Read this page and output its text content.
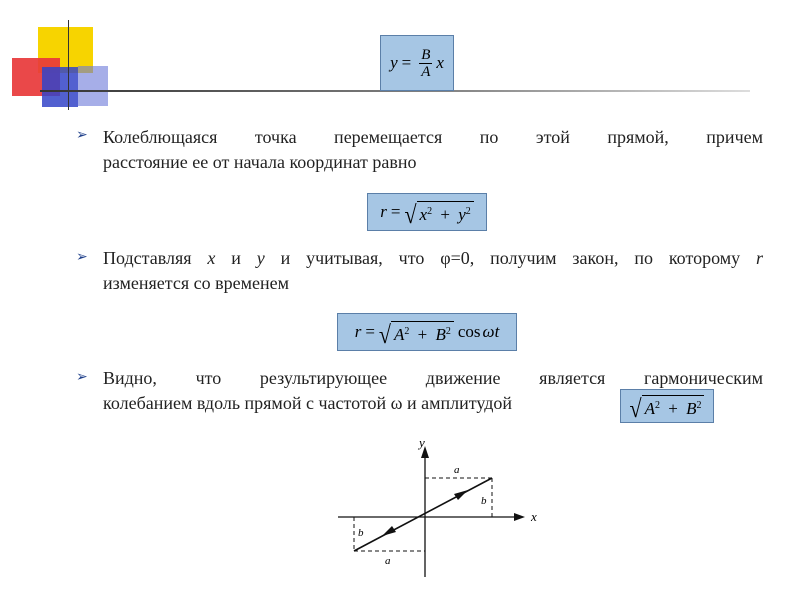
$y = \frac{B}{A}$ x
➢ Колеблющаяся точка перемещается по этой прямой, причем
расстояние ее от начала координат равно
r = √ $x^2 + y^2$
➢ Подставляя x и y и учитывая, что φ=0, получим закон, по которому r
изменяется со временем
r = √ $A^2 + B^2$ cos ω t
➢ Видно, что результирующее движение является гармоническим
колебанием вдоль прямой с частотой ω и амплитудой	√ $A^2 + B^2$
x
y
a
b
b
a
